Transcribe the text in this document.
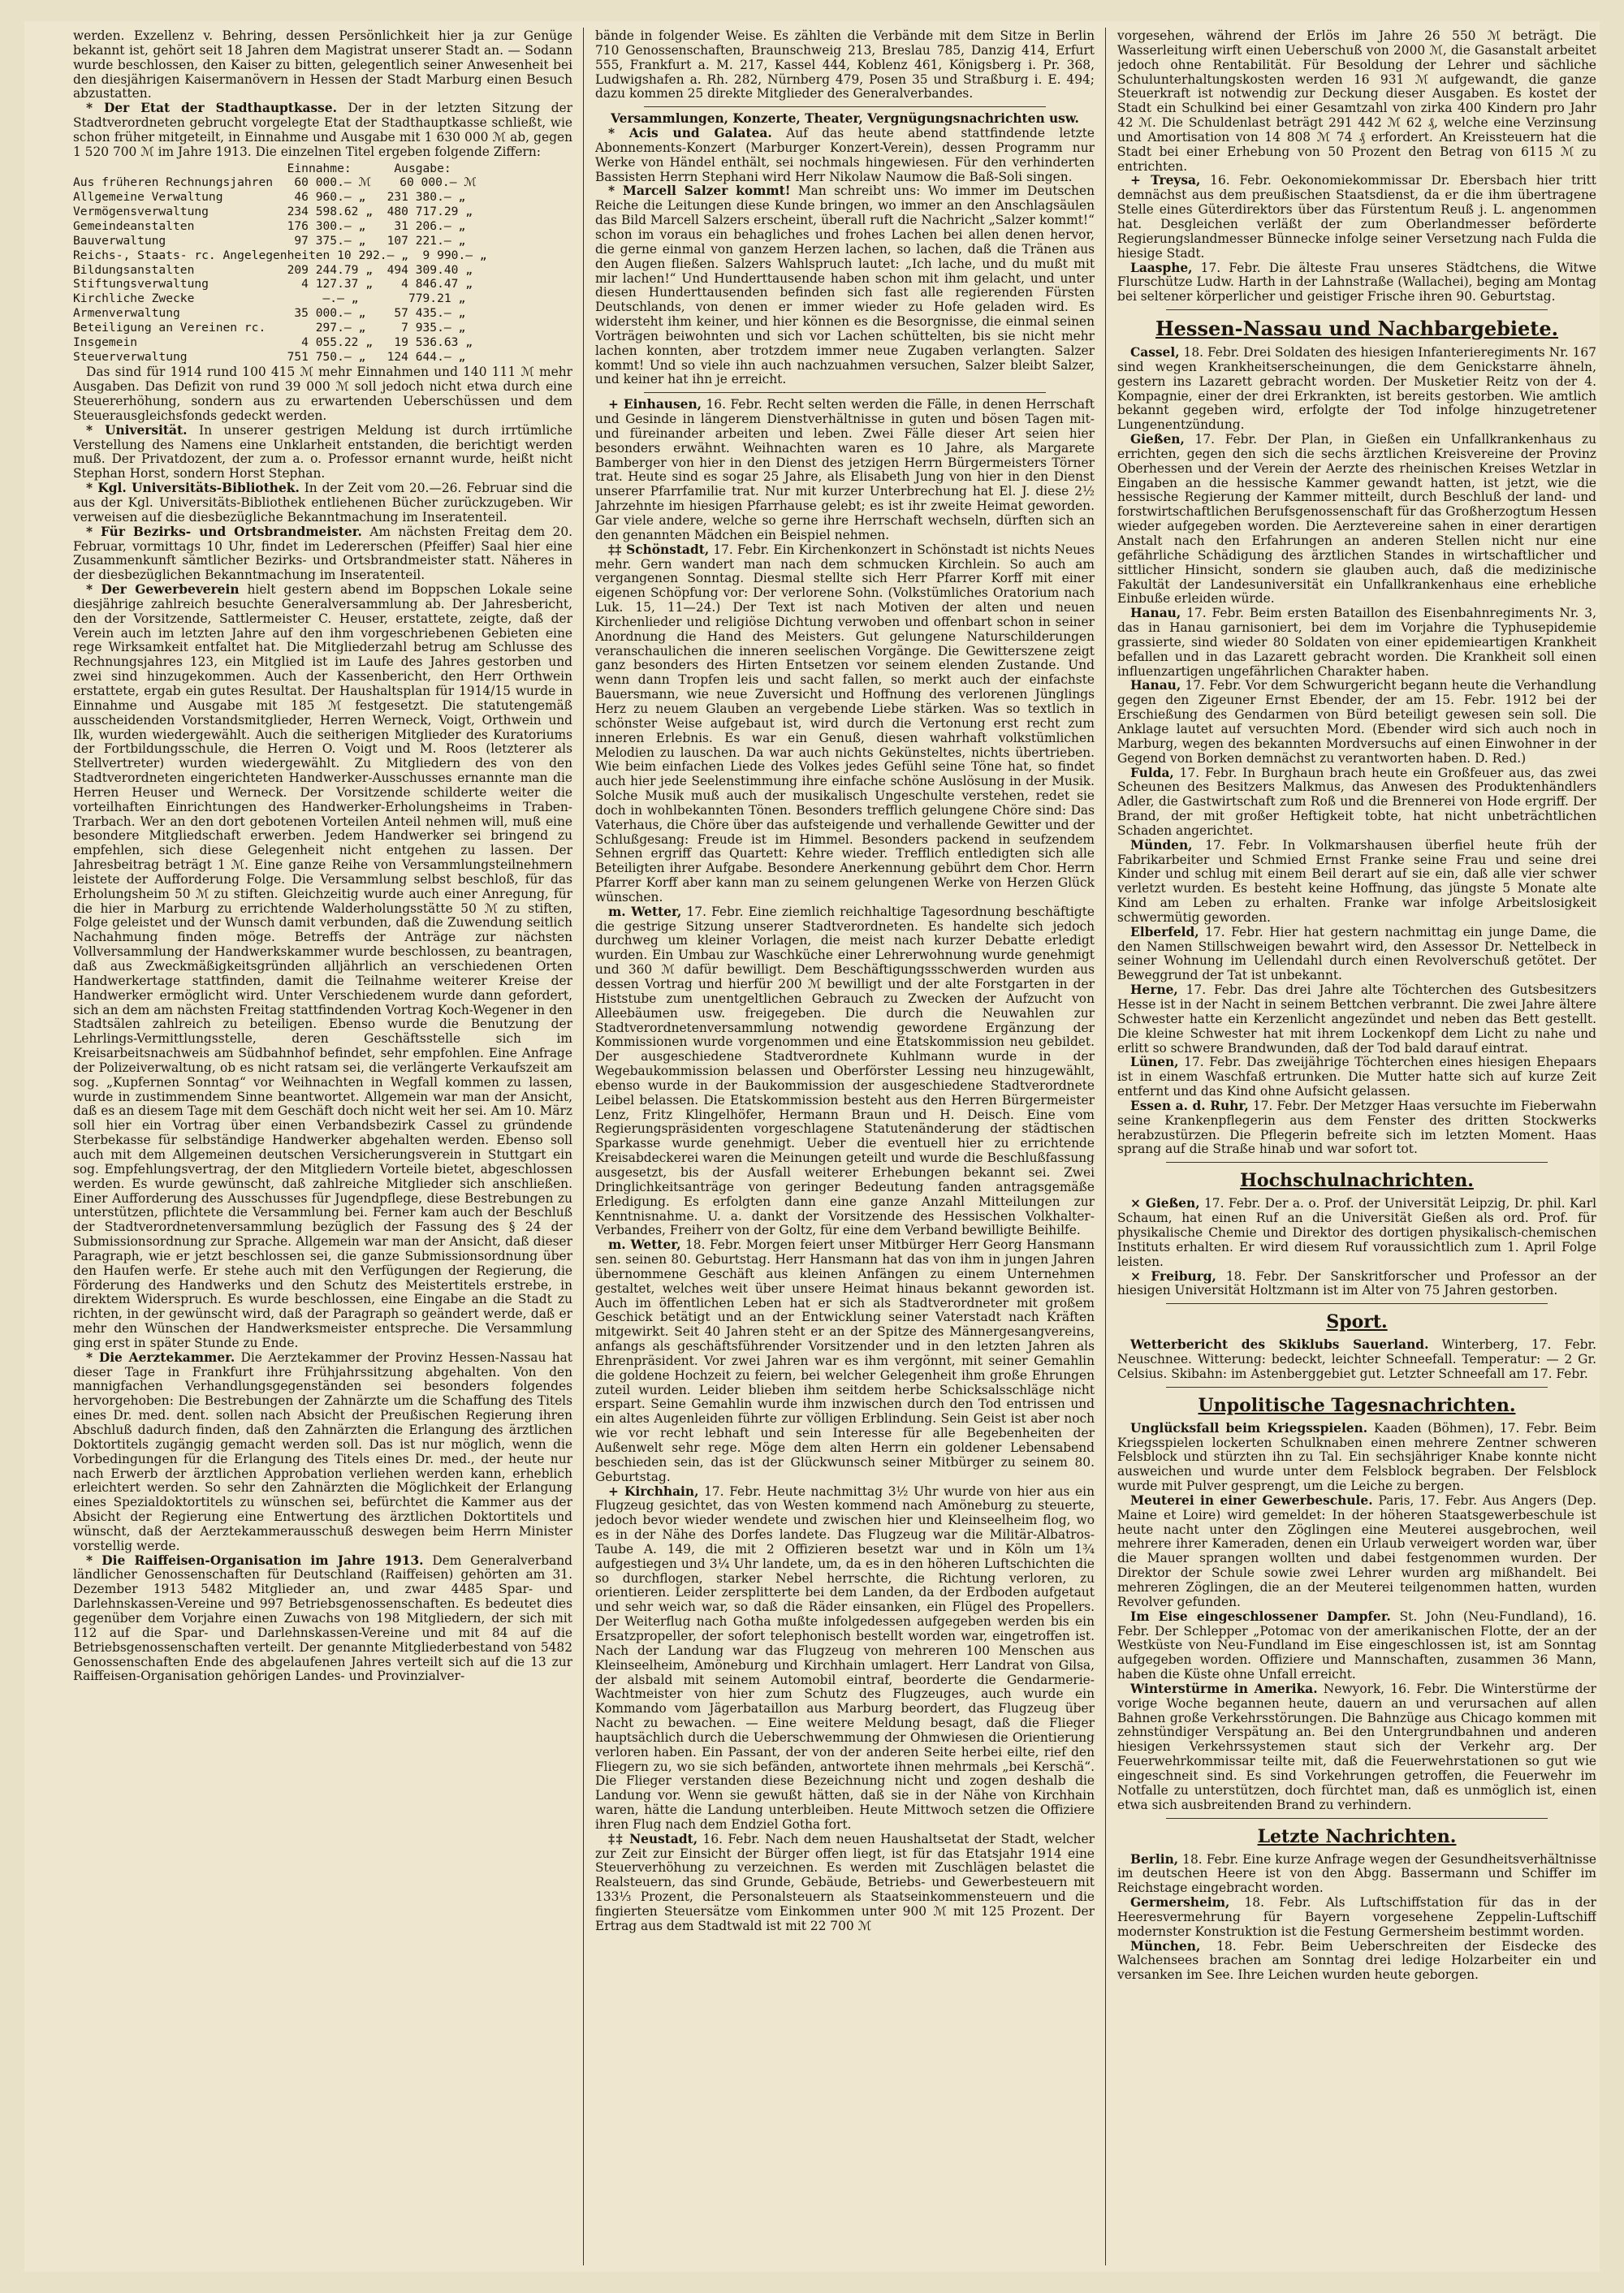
werden. Exzellenz v. Behring, dessen Persönlichkeit hier ja zur Genüge bekannt ist, gehört seit 18 Jahren dem Magistrat unserer Stadt an. — Sodann wurde beschlossen, den Kaiser zu bitten, gelegentlich seiner Anwesenheit bei den diesjährigen Kaisermanövern in Hessen der Stadt Marburg einen Besuch abzustatten.

* Der Etat der Stadthauptkasse. Der in der letzten Sitzung der Stadtverordneten gebrucht vorgelegte Etat der Stadthauptkasse schließt, wie schon früher mitgeteilt, in Einnahme und Ausgabe mit 1 630 000 ℳ ab, gegen 1 520 700 ℳ im Jahre 1913. Die einzelnen Titel ergeben folgende Ziffern:

Einnahme:      Ausgabe:
Aus früheren Rechnungsjahren   60 000.— ℳ    60 000.— ℳ
Allgemeine Verwaltung          46 960.— „   231 380.— „
Vermögensverwaltung           234 598.62 „  480 717.29 „
Gemeindeanstalten             176 300.— „    31 206.— „
Bauverwaltung                  97 375.— „   107 221.— „
Reichs-, Staats- rc. Angelegenheiten 10 292.— „  9 990.— „
Bildungsanstalten             209 244.79 „  494 309.40 „
Stiftungsverwaltung             4 127.37 „    4 846.47 „
Kirchliche Zwecke                  —.— „       779.21 „
Armenverwaltung                35 000.— „    57 435.— „
Beteiligung an Vereinen rc.       297.— „     7 935.— „
Insgemein                       4 055.22 „   19 536.63 „
Steuerverwaltung              751 750.— „   124 644.— „

Das sind für 1914 rund 100 415 ℳ mehr Einnahmen und 140 111 ℳ mehr Ausgaben. Das Defizit von rund 39 000 ℳ soll jedoch nicht etwa durch eine Steuererhöhung, sondern aus zu erwartenden Ueberschüssen und dem Steuerausgleichsfonds gedeckt werden.

* Universität. In unserer gestrigen Meldung ist durch irrtümliche Verstellung des Namens eine Unklarheit entstanden, die berichtigt werden muß. Der Privatdozent, der zum a. o. Professor ernannt wurde, heißt nicht Stephan Horst, sondern Horst Stephan.

* Kgl. Universitäts-Bibliothek. In der Zeit vom 20.—26. Februar sind die aus der Kgl. Universitäts-Bibliothek entliehenen Bücher zurückzugeben. Wir verweisen auf die diesbezügliche Bekanntmachung im Inseratenteil.

* Für Bezirks- und Ortsbrandmeister. Am nächsten Freitag dem 20. Februar, vormittags 10 Uhr, findet im Ledererschen (Pfeiffer) Saal hier eine Zusammenkunft sämtlicher Bezirks- und Ortsbrandmeister statt. Näheres in der diesbezüglichen Bekanntmachung im Inseratenteil.

* Der Gewerbeverein hielt gestern abend im Boppschen Lokale seine diesjährige zahlreich besuchte Generalversammlung ab. Der Jahresbericht, den der Vorsitzende, Sattlermeister C. Heuser, erstattete, zeigte, daß der Verein auch im letzten Jahre auf den ihm vorgeschriebenen Gebieten eine rege Wirksamkeit entfaltet hat. Die Mitgliederzahl betrug am Schlusse des Rechnungsjahres 123, ein Mitglied ist im Laufe des Jahres gestorben und zwei sind hinzugekommen. Auch der Kassenbericht, den Herr Orthwein erstattete, ergab ein gutes Resultat. Der Haushaltsplan für 1914/15 wurde in Einnahme und Ausgabe mit 185 ℳ festgesetzt. Die statutengemäß ausscheidenden Vorstandsmitglieder, Herren Werneck, Voigt, Orthwein und Ilk, wurden wiedergewählt. Auch die seitherigen Mitglieder des Kuratoriums der Fortbildungsschule, die Herren O. Voigt und M. Roos (letzterer als Stellvertreter) wurden wiedergewählt. Zu Mitgliedern des von den Stadtverordneten eingerichteten Handwerker-Ausschusses ernannte man die Herren Heuser und Werneck. Der Vorsitzende schilderte weiter die vorteilhaften Einrichtungen des Handwerker-Erholungsheims in Traben-Trarbach. Wer an den dort gebotenen Vorteilen Anteil nehmen will, muß eine besondere Mitgliedschaft erwerben. Jedem Handwerker sei bringend zu empfehlen, sich diese Gelegenheit nicht entgehen zu lassen. Der Jahresbeitrag beträgt 1 ℳ. Eine ganze Reihe von Versammlungsteilnehmern leistete der Aufforderung Folge. Die Versammlung selbst beschloß, für das Erholungsheim 50 ℳ zu stiften. Gleichzeitig wurde auch einer Anregung, für die hier in Marburg zu errichtende Walderholungsstätte 50 ℳ zu stiften, Folge geleistet und der Wunsch damit verbunden, daß die Zuwendung seitlich Nachahmung finden möge. Betreffs der Anträge zur nächsten Vollversammlung der Handwerkskammer wurde beschlossen, zu beantragen, daß aus Zweckmäßigkeitsgründen alljährlich an verschiedenen Orten Handwerkertage stattfinden, damit die Teilnahme weiterer Kreise der Handwerker ermöglicht wird. Unter Verschiedenem wurde dann gefordert, sich an dem am nächsten Freitag stattfindenden Vortrag Koch-Wegener in den Stadtsälen zahlreich zu beteiligen. Ebenso wurde die Benutzung der Lehrlings-Vermittlungsstelle, deren Geschäftsstelle sich im Kreisarbeitsnachweis am Südbahnhof befindet, sehr empfohlen. Eine Anfrage der Polizeiverwaltung, ob es nicht ratsam sei, die verlängerte Verkaufszeit am sog. „Kupfernen Sonntag“ vor Weihnachten in Wegfall kommen zu lassen, wurde in zustimmendem Sinne beantwortet. Allgemein war man der Ansicht, daß es an diesem Tage mit dem Geschäft doch nicht weit her sei. Am 10. März soll hier ein Vortrag über einen Verbandsbezirk Cassel zu gründende Sterbekasse für selbständige Handwerker abgehalten werden. Ebenso soll auch mit dem Allgemeinen deutschen Versicherungsverein in Stuttgart ein sog. Empfehlungsvertrag, der den Mitgliedern Vorteile bietet, abgeschlossen werden. Es wurde gewünscht, daß zahlreiche Mitglieder sich anschließen. Einer Aufforderung des Ausschusses für Jugendpflege, diese Bestrebungen zu unterstützen, pflichtete die Versammlung bei. Ferner kam auch der Beschluß der Stadtverordnetenversammlung bezüglich der Fassung des § 24 der Submissionsordnung zur Sprache. Allgemein war man der Ansicht, daß dieser Paragraph, wie er jetzt beschlossen sei, die ganze Submissionsordnung über den Haufen werfe. Er stehe auch mit den Verfügungen der Regierung, die Förderung des Handwerks und den Schutz des Meistertitels erstrebe, in direktem Widerspruch. Es wurde beschlossen, eine Eingabe an die Stadt zu richten, in der gewünscht wird, daß der Paragraph so geändert werde, daß er mehr den Wünschen der Handwerksmeister entspreche. Die Versammlung ging erst in später Stunde zu Ende.

* Die Aerztekammer. Die Aerztekammer der Provinz Hessen-Nassau hat dieser Tage in Frankfurt ihre Frühjahrssitzung abgehalten. Von den mannigfachen Verhandlungsgegenständen sei besonders folgendes hervorgehoben: Die Bestrebungen der Zahnärzte um die Schaffung des Titels eines Dr. med. dent. sollen nach Absicht der Preußischen Regierung ihren Abschluß dadurch finden, daß den Zahnärzten die Erlangung des ärztlichen Doktortitels zugängig gemacht werden soll. Das ist nur möglich, wenn die Vorbedingungen für die Erlangung des Titels eines Dr. med., der heute nur nach Erwerb der ärztlichen Approbation verliehen werden kann, erheblich erleichtert werden. So sehr den Zahnärzten die Möglichkeit der Erlangung eines Spezialdoktortitels zu wünschen sei, befürchtet die Kammer aus der Absicht der Regierung eine Entwertung des ärztlichen Doktortitels und wünscht, daß der Aerztekammerausschuß deswegen beim Herrn Minister vorstellig werde.

* Die Raiffeisen-Organisation im Jahre 1913. Dem Generalverband ländlicher Genossenschaften für Deutschland (Raiffeisen) gehörten am 31. Dezember 1913 5482 Mitglieder an, und zwar 4485 Spar- und Darlehnskassen-Vereine und 997 Betriebsgenossenschaften. Es bedeutet dies gegenüber dem Vorjahre einen Zuwachs von 198 Mitgliedern, der sich mit 112 auf die Spar- und Darlehnskassen-Vereine und mit 84 auf die Betriebsgenossenschaften verteilt. Der genannte Mitgliederbestand von 5482 Genossenschaften Ende des abgelaufenen Jahres verteilt sich auf die 13 zur Raiffeisen-Organisation gehörigen Landes- und Provinzialver-

bände in folgender Weise. Es zählten die Verbände mit dem Sitze in Berlin 710 Genossenschaften, Braunschweig 213, Breslau 785, Danzig 414, Erfurt 555, Frankfurt a. M. 217, Kassel 444, Koblenz 461, Königsberg i. Pr. 368, Ludwigshafen a. Rh. 282, Nürnberg 479, Posen 35 und Straßburg i. E. 494; dazu kommen 25 direkte Mitglieder des Generalverbandes.

Versammlungen, Konzerte, Theater, Vergnügungsnachrichten usw.

* Acis und Galatea. Auf das heute abend stattfindende letzte Abonnements-Konzert (Marburger Konzert-Verein), dessen Programm nur Werke von Händel enthält, sei nochmals hingewiesen. Für den verhinderten Bassisten Herrn Stephani wird Herr Nikolaw Naumow die Baß-Soli singen.

* Marcell Salzer kommt! Man schreibt uns: Wo immer im Deutschen Reiche die Leitungen diese Kunde bringen, wo immer an den Anschlagsäulen das Bild Marcell Salzers erscheint, überall ruft die Nachricht „Salzer kommt!“ schon im voraus ein behagliches und frohes Lachen bei allen denen hervor, die gerne einmal von ganzem Herzen lachen, so lachen, daß die Tränen aus den Augen fließen. Salzers Wahlspruch lautet: „Ich lache, und du mußt mit mir lachen!“ Und Hunderttausende haben schon mit ihm gelacht, und unter diesen Hunderttausenden befinden sich fast alle regierenden Fürsten Deutschlands, von denen er immer wieder zu Hofe geladen wird. Es widersteht ihm keiner, und hier können es die Besorgnisse, die einmal seinen Vorträgen beiwohnten und sich vor Lachen schüttelten, bis sie nicht mehr lachen konnten, aber trotzdem immer neue Zugaben verlangten. Salzer kommt! Und so viele ihn auch nachzuahmen versuchen, Salzer bleibt Salzer, und keiner hat ihn je erreicht.

+ Einhausen, 16. Febr. Recht selten werden die Fälle, in denen Herrschaft und Gesinde in längerem Dienstverhältnisse in guten und bösen Tagen mit- und füreinander arbeiten und leben. Zwei Fälle dieser Art seien hier besonders erwähnt. Weihnachten waren es 10 Jahre, als Margarete Bamberger von hier in den Dienst des jetzigen Herrn Bürgermeisters Törner trat. Heute sind es sogar 25 Jahre, als Elisabeth Jung von hier in den Dienst unserer Pfarrfamilie trat. Nur mit kurzer Unterbrechung hat El. J. diese 2½ Jahrzehnte im hiesigen Pfarrhause gelebt; es ist ihr zweite Heimat geworden. Gar viele andere, welche so gerne ihre Herrschaft wechseln, dürften sich an den genannten Mädchen ein Beispiel nehmen.

‡‡ Schönstadt, 17. Febr. Ein Kirchenkonzert in Schönstadt ist nichts Neues mehr. Gern wandert man nach dem schmucken Kirchlein. So auch am vergangenen Sonntag. Diesmal stellte sich Herr Pfarrer Korff mit einer eigenen Schöpfung vor: Der verlorene Sohn. (Volkstümliches Oratorium nach Luk. 15, 11—24.) Der Text ist nach Motiven der alten und neuen Kirchenlieder und religiöse Dichtung verwoben und offenbart schon in seiner Anordnung die Hand des Meisters. Gut gelungene Naturschilderungen veranschaulichen die inneren seelischen Vorgänge. Die Gewitterszene zeigt ganz besonders des Hirten Entsetzen vor seinem elenden Zustande. Und wenn dann Tropfen leis und sacht fallen, so merkt auch der einfachste Bauersmann, wie neue Zuversicht und Hoffnung des verlorenen Jünglings Herz zu neuem Glauben an vergebende Liebe stärken. Was so textlich in schönster Weise aufgebaut ist, wird durch die Vertonung erst recht zum inneren Erlebnis. Es war ein Genuß, diesen wahrhaft volkstümlichen Melodien zu lauschen. Da war auch nichts Gekünsteltes, nichts übertrieben. Wie beim einfachen Liede des Volkes jedes Gefühl seine Töne hat, so findet auch hier jede Seelenstimmung ihre einfache schöne Auslösung in der Musik. Solche Musik muß auch der musikalisch Ungeschulte verstehen, redet sie doch in wohlbekannten Tönen. Besonders trefflich gelungene Chöre sind: Das Vaterhaus, die Chöre über das aufsteigende und verhallende Gewitter und der Schlußgesang: Freude ist im Himmel. Besonders packend in seufzendem Sehnen ergriff das Quartett: Kehre wieder. Trefflich entledigten sich alle Beteiligten ihrer Aufgabe. Besondere Anerkennung gebührt dem Chor. Herrn Pfarrer Korff aber kann man zu seinem gelungenen Werke von Herzen Glück wünschen.

m. Wetter, 17. Febr. Eine ziemlich reichhaltige Tagesordnung beschäftigte die gestrige Sitzung unserer Stadtverordneten. Es handelte sich jedoch durchweg um kleiner Vorlagen, die meist nach kurzer Debatte erledigt wurden. Ein Umbau zur Waschküche einer Lehrerwohnung wurde genehmigt und 360 ℳ dafür bewilligt. Dem Beschäftigungssschwerden wurden aus dessen Vortrag und hierfür 200 ℳ bewilligt und der alte Forstgarten in der Histstube zum unentgeltlichen Gebrauch zu Zwecken der Aufzucht von Alleebäumen usw. freigegeben. Die durch die Neuwahlen zur Stadtverordnetenversammlung notwendig gewordene Ergänzung der Kommissionen wurde vorgenommen und eine Etatskommission neu gebildet. Der ausgeschiedene Stadtverordnete Kuhlmann wurde in der Wegebaukommission belassen und Oberförster Lessing neu hinzugewählt, ebenso wurde in der Baukommission der ausgeschiedene Stadtverordnete Leibel belassen. Die Etatskommission besteht aus den Herren Bürgermeister Lenz, Fritz Klingelhöfer, Hermann Braun und H. Deisch. Eine vom Regierungspräsidenten vorgeschlagene Statutenänderung der städtischen Sparkasse wurde genehmigt. Ueber die eventuell hier zu errichtende Kreisabdeckerei waren die Meinungen geteilt und wurde die Beschlußfassung ausgesetzt, bis der Ausfall weiterer Erhebungen bekannt sei. Zwei Dringlichkeitsanträge von geringer Bedeutung fanden antragsgemäße Erledigung. Es erfolgten dann eine ganze Anzahl Mitteilungen zur Kenntnisnahme. U. a. dankt der Vorsitzende des Hessischen Volkhalter-Verbandes, Freiherr von der Goltz, für eine dem Verband bewilligte Beihilfe.

m. Wetter, 18. Febr. Morgen feiert unser Mitbürger Herr Georg Hansmann sen. seinen 80. Geburtstag. Herr Hansmann hat das von ihm in jungen Jahren übernommene Geschäft aus kleinen Anfängen zu einem Unternehmen gestaltet, welches weit über unsere Heimat hinaus bekannt geworden ist. Auch im öffentlichen Leben hat er sich als Stadtverordneter mit großem Geschick betätigt und an der Entwicklung seiner Vaterstadt nach Kräften mitgewirkt. Seit 40 Jahren steht er an der Spitze des Männergesangvereins, anfangs als geschäftsführender Vorsitzender und in den letzten Jahren als Ehrenpräsident. Vor zwei Jahren war es ihm vergönnt, mit seiner Gemahlin die goldene Hochzeit zu feiern, bei welcher Gelegenheit ihm große Ehrungen zuteil wurden. Leider blieben ihm seitdem herbe Schicksalsschläge nicht erspart. Seine Gemahlin wurde ihm inzwischen durch den Tod entrissen und ein altes Augenleiden führte zur völligen Erblindung. Sein Geist ist aber noch wie vor recht lebhaft und sein Interesse für alle Begebenheiten der Außenwelt sehr rege. Möge dem alten Herrn ein goldener Lebensabend beschieden sein, das ist der Glückwunsch seiner Mitbürger zu seinem 80. Geburtstag.

+ Kirchhain, 17. Febr. Heute nachmittag 3½ Uhr wurde von hier aus ein Flugzeug gesichtet, das von Westen kommend nach Amöneburg zu steuerte, jedoch bevor wieder wendete und zwischen hier und Kleinseelheim flog, wo es in der Nähe des Dorfes landete. Das Flugzeug war die Militär-Albatros-Taube A. 149, die mit 2 Offizieren besetzt war und in Köln um 1¾ aufgestiegen und 3¼ Uhr landete, um, da es in den höheren Luftschichten die so durchflogen, starker Nebel herrschte, die Richtung verloren, zu orientieren. Leider zersplitterte bei dem Landen, da der Erdboden aufgetaut und sehr weich war, so daß die Räder einsanken, ein Flügel des Propellers. Der Weiterflug nach Gotha mußte infolgedessen aufgegeben werden bis ein Ersatzpropeller, der sofort telephonisch bestellt worden war, eingetroffen ist. Nach der Landung war das Flugzeug von mehreren 100 Menschen aus Kleinseelheim, Amöneburg und Kirchhain umlagert. Herr Landrat von Gilsa, der alsbald mit seinem Automobil eintraf, beorderte die Gendarmerie-Wachtmeister von hier zum Schutz des Flugzeuges, auch wurde ein Kommando vom Jägerbataillon aus Marburg beordert, das Flugzeug über Nacht zu bewachen. — Eine weitere Meldung besagt, daß die Flieger hauptsächlich durch die Ueberschwemmung der Ohmwiesen die Orientierung verloren haben. Ein Passant, der von der anderen Seite herbei eilte, rief den Fliegern zu, wo sie sich befänden, antwortete ihnen mehrmals „bei Kerschä“. Die Flieger verstanden diese Bezeichnung nicht und zogen deshalb die Landung vor. Wenn sie gewußt hätten, daß sie in der Nähe von Kirchhain waren, hätte die Landung unterbleiben. Heute Mittwoch setzen die Offiziere ihren Flug nach dem Endziel Gotha fort.

‡‡ Neustadt, 16. Febr. Nach dem neuen Haushaltsetat der Stadt, welcher zur Zeit zur Einsicht der Bürger offen liegt, ist für das Etatsjahr 1914 eine Steuerverhöhung zu verzeichnen. Es werden mit Zuschlägen belastet die Realsteuern, das sind Grunde, Gebäude, Betriebs- und Gewerbesteuern mit 133⅓ Prozent, die Personalsteuern als Staatseinkommensteuern und die fingierten Steuersätze vom Einkommen unter 900 ℳ mit 125 Prozent. Der Ertrag aus dem Stadtwald ist mit 22 700 ℳ

vorgesehen, während der Erlös im Jahre 26 550 ℳ beträgt. Die Wasserleitung wirft einen Ueberschuß von 2000 ℳ, die Gasanstalt arbeitet jedoch ohne Rentabilität. Für Besoldung der Lehrer und sächliche Schulunterhaltungskosten werden 16 931 ℳ aufgewandt, die ganze Steuerkraft ist notwendig zur Deckung dieser Ausgaben. Es kostet der Stadt ein Schulkind bei einer Gesamtzahl von zirka 400 Kindern pro Jahr 42 ℳ. Die Schuldenlast beträgt 291 442 ℳ 62 ₰, welche eine Verzinsung und Amortisation von 14 808 ℳ 74 ₰ erfordert. An Kreissteuern hat die Stadt bei einer Erhebung von 50 Prozent den Betrag von 6115 ℳ zu entrichten.

+ Treysa, 16. Febr. Oekonomiekommissar Dr. Ebersbach hier tritt demnächst aus dem preußischen Staatsdienst, da er die ihm übertragene Stelle eines Güterdirektors über das Fürstentum Reuß j. L. angenommen hat. Desgleichen verläßt der zum Oberlandmesser beförderte Regierungslandmesser Bünnecke infolge seiner Versetzung nach Fulda die hiesige Stadt.

Laasphe, 17. Febr. Die älteste Frau unseres Städtchens, die Witwe Flurschütze Ludw. Harth in der Lahnstraße (Wallachei), beging am Montag bei seltener körperlicher und geistiger Frische ihren 90. Geburtstag.

Hessen-Nassau und Nachbargebiete.

Cassel, 18. Febr. Drei Soldaten des hiesigen Infanterieregiments Nr. 167 sind wegen Krankheitserscheinungen, die dem Genickstarre ähneln, gestern ins Lazarett gebracht worden. Der Musketier Reitz von der 4. Kompagnie, einer der drei Erkrankten, ist bereits gestorben. Wie amtlich bekannt gegeben wird, erfolgte der Tod infolge hinzugetretener Lungenentzündung.

Gießen, 17. Febr. Der Plan, in Gießen ein Unfallkrankenhaus zu errichten, gegen den sich die sechs ärztlichen Kreisvereine der Provinz Oberhessen und der Verein der Aerzte des rheinischen Kreises Wetzlar in Eingaben an die hessische Kammer gewandt hatten, ist jetzt, wie die hessische Regierung der Kammer mitteilt, durch Beschluß der land- und forstwirtschaftlichen Berufsgenossenschaft für das Großherzogtum Hessen wieder aufgegeben worden. Die Aerztevereine sahen in einer derartigen Anstalt nach den Erfahrungen an anderen Stellen nicht nur eine gefährliche Schädigung des ärztlichen Standes in wirtschaftlicher und sittlicher Hinsicht, sondern sie glauben auch, daß die medizinische Fakultät der Landesuniversität ein Unfallkrankenhaus eine erhebliche Einbuße erleiden würde.

Hanau, 17. Febr. Beim ersten Bataillon des Eisenbahnregiments Nr. 3, das in Hanau garnisoniert, bei dem im Vorjahre die Typhusepidemie grassierte, sind wieder 80 Soldaten von einer epidemieartigen Krankheit befallen und in das Lazarett gebracht worden. Die Krankheit soll einen influenzartigen ungefährlichen Charakter haben.

Hanau, 17. Febr. Vor dem Schwurgericht begann heute die Verhandlung gegen den Zigeuner Ernst Ebender, der am 15. Febr. 1912 bei der Erschießung des Gendarmen von Bürd beteiligt gewesen sein soll. Die Anklage lautet auf versuchten Mord. (Ebender wird sich auch noch in Marburg, wegen des bekannten Mordversuchs auf einen Einwohner in der Gegend von Borken demnächst zu verantworten haben. D. Red.)

Fulda, 17. Febr. In Burghaun brach heute ein Großfeuer aus, das zwei Scheunen des Besitzers Malkmus, das Anwesen des Produktenhändlers Adler, die Gastwirtschaft zum Roß und die Brennerei von Hode ergriff. Der Brand, der mit großer Heftigkeit tobte, hat nicht unbeträchtlichen Schaden angerichtet.

Münden, 17. Febr. In Volkmarshausen überfiel heute früh der Fabrikarbeiter und Schmied Ernst Franke seine Frau und seine drei Kinder und schlug mit einem Beil derart auf sie ein, daß alle vier schwer verletzt wurden. Es besteht keine Hoffnung, das jüngste 5 Monate alte Kind am Leben zu erhalten. Franke war infolge Arbeitslosigkeit schwermütig geworden.

Elberfeld, 17. Febr. Hier hat gestern nachmittag ein junge Dame, die den Namen Stillschweigen bewahrt wird, den Assessor Dr. Nettelbeck in seiner Wohnung im Uellendahl durch einen Revolverschuß getötet. Der Beweggrund der Tat ist unbekannt.

Herne, 17. Febr. Das drei Jahre alte Töchterchen des Gutsbesitzers Hesse ist in der Nacht in seinem Bettchen verbrannt. Die zwei Jahre ältere Schwester hatte ein Kerzenlicht angezündet und neben das Bett gestellt. Die kleine Schwester hat mit ihrem Lockenkopf dem Licht zu nahe und erlitt so schwere Brandwunden, daß der Tod bald darauf eintrat.

Lünen, 17. Febr. Das zweijährige Töchterchen eines hiesigen Ehepaars ist in einem Waschfaß ertrunken. Die Mutter hatte sich auf kurze Zeit entfernt und das Kind ohne Aufsicht gelassen.

Essen a. d. Ruhr, 17. Febr. Der Metzger Haas versuchte im Fieberwahn seine Krankenpflegerin aus dem Fenster des dritten Stockwerks herabzustürzen. Die Pflegerin befreite sich im letzten Moment. Haas sprang auf die Straße hinab und war sofort tot.

Hochschulnachrichten.

× Gießen, 17. Febr. Der a. o. Prof. der Universität Leipzig, Dr. phil. Karl Schaum, hat einen Ruf an die Universität Gießen als ord. Prof. für physikalische Chemie und Direktor des dortigen physikalisch-chemischen Instituts erhalten. Er wird diesem Ruf voraussichtlich zum 1. April Folge leisten.

× Freiburg, 18. Febr. Der Sanskritforscher und Professor an der hiesigen Universität Holtzmann ist im Alter von 75 Jahren gestorben.

Sport.

Wetterbericht des Skiklubs Sauerland. Winterberg, 17. Febr. Neuschnee. Witterung: bedeckt, leichter Schneefall. Temperatur: — 2 Gr. Celsius. Skibahn: im Astenberggebiet gut. Letzter Schneefall am 17. Febr.

Unpolitische Tagesnachrichten.

Unglücksfall beim Kriegsspielen. Kaaden (Böhmen), 17. Febr. Beim Kriegsspielen lockerten Schulknaben einen mehrere Zentner schweren Felsblock und stürzten ihn zu Tal. Ein sechsjähriger Knabe konnte nicht ausweichen und wurde unter dem Felsblock begraben. Der Felsblock wurde mit Pulver gesprengt, um die Leiche zu bergen.

Meuterei in einer Gewerbeschule. Paris, 17. Febr. Aus Angers (Dep. Maine et Loire) wird gemeldet: In der höheren Staatsgewerbeschule ist heute nacht unter den Zöglingen eine Meuterei ausgebrochen, weil mehrere ihrer Kameraden, denen ein Urlaub verweigert worden war, über die Mauer sprangen wollten und dabei festgenommen wurden. Der Direktor der Schule sowie zwei Lehrer wurden arg mißhandelt. Bei mehreren Zöglingen, die an der Meuterei teilgenommen hatten, wurden Revolver gefunden.

Im Eise eingeschlossener Dampfer. St. John (Neu-Fundland), 16. Febr. Der Schlepper „Potomac von der amerikanischen Flotte, der an der Westküste von Neu-Fundland im Eise eingeschlossen ist, ist am Sonntag aufgegeben worden. Offiziere und Mannschaften, zusammen 36 Mann, haben die Küste ohne Unfall erreicht.

Winterstürme in Amerika. Newyork, 16. Febr. Die Winterstürme der vorige Woche begannen heute, dauern an und verursachen auf allen Bahnen große Verkehrsstörungen. Die Bahnzüge aus Chicago kommen mit zehnstündiger Verspätung an. Bei den Untergrundbahnen und anderen hiesigen Verkehrssystemen staut sich der Verkehr arg. Der Feuerwehrkommissar teilte mit, daß die Feuerwehrstationen so gut wie eingeschneit sind. Es sind Vorkehrungen getroffen, die Feuerwehr im Notfalle zu unterstützen, doch fürchtet man, daß es unmöglich ist, einen etwa sich ausbreitenden Brand zu verhindern.

Letzte Nachrichten.

Berlin, 18. Febr. Eine kurze Anfrage wegen der Gesundheitsverhältnisse im deutschen Heere ist von den Abgg. Bassermann und Schiffer im Reichstage eingebracht worden.

Germersheim, 18. Febr. Als Luftschiffstation für das in der Heeresvermehrung für Bayern vorgesehene Zeppelin-Luftschiff modernster Konstruktion ist die Festung Germersheim bestimmt worden.

München, 18. Febr. Beim Ueberschreiten der Eisdecke des Walchensees brachen am Sonntag drei ledige Holzarbeiter ein und versanken im See. Ihre Leichen wurden heute geborgen.
